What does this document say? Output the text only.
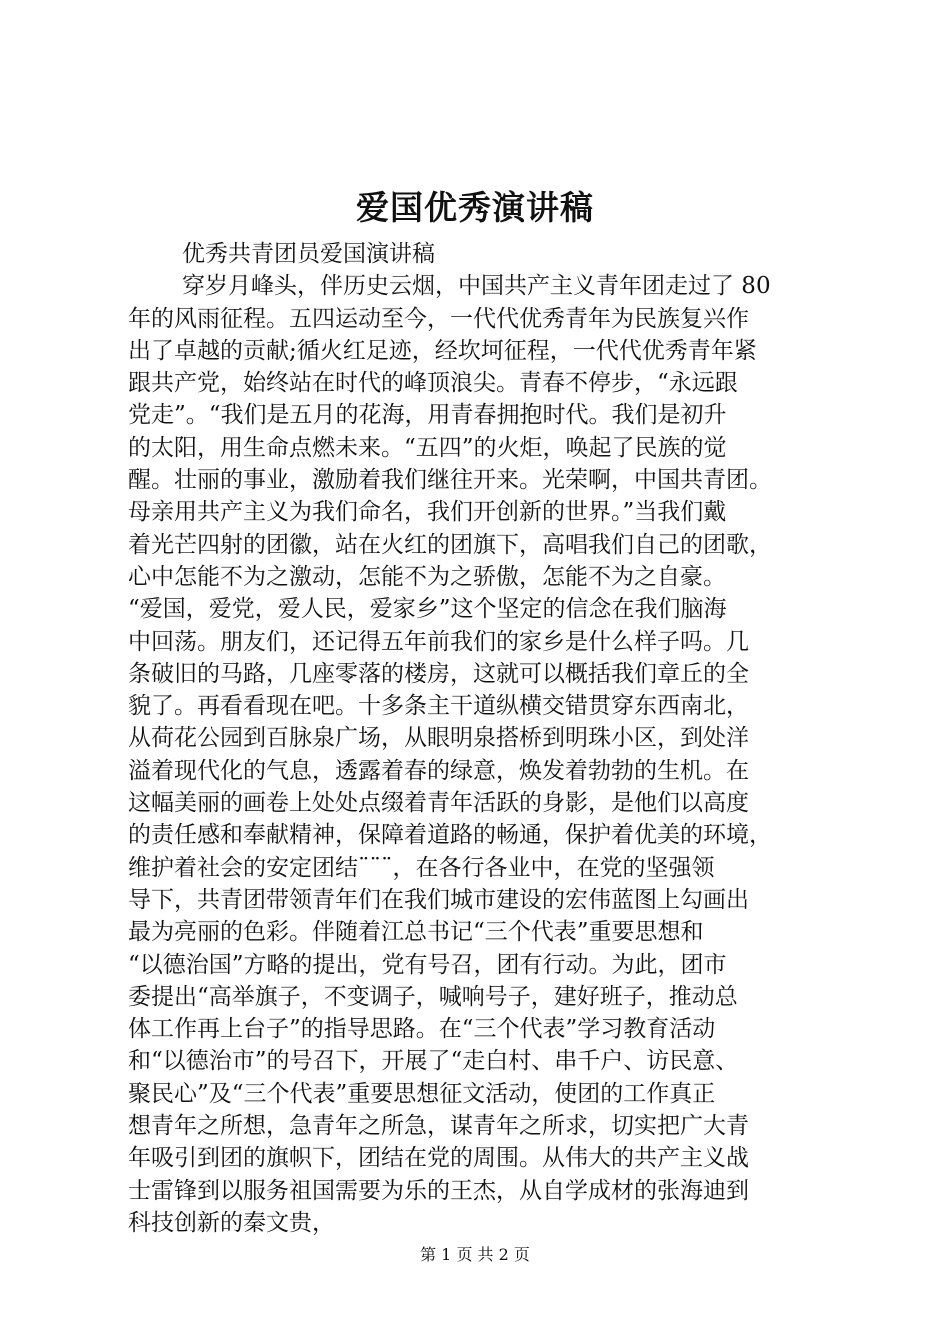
爱国优秀演讲稿
优秀共青团员爱国演讲稿
穿岁月峰头，伴历史云烟，中国共产主义青年团走过了 80
年的风雨征程。五四运动至今，一代代优秀青年为民族复兴作
出了卓越的贡献;循火红足迹，经坎坷征程，一代代优秀青年紧
跟共产党，始终站在时代的峰顶浪尖。青春不停步，“永远跟
党走”。“我们是五月的花海，用青春拥抱时代。我们是初升
的太阳，用生命点燃未来。“五四”的火炬，唤起了民族的觉
醒。壮丽的事业，激励着我们继往开来。光荣啊，中国共青团。
母亲用共产主义为我们命名，我们开创新的世界。”当我们戴
着光芒四射的团徽，站在火红的团旗下，高唱我们自己的团歌，
心中怎能不为之激动，怎能不为之骄傲，怎能不为之自豪。
“爱国，爱党，爱人民，爱家乡”这个坚定的信念在我们脑海
中回荡。朋友们，还记得五年前我们的家乡是什么样子吗。几
条破旧的马路，几座零落的楼房，这就可以概括我们章丘的全
貌了。再看看现在吧。十多条主干道纵横交错贯穿东西南北，
从荷花公园到百脉泉广场，从眼明泉搭桥到明珠小区，到处洋
溢着现代化的气息，透露着春的绿意，焕发着勃勃的生机。在
这幅美丽的画卷上处处点缀着青年活跃的身影，是他们以高度
的责任感和奉献精神，保障着道路的畅通，保护着优美的环境，
维护着社会的安定团结¨¨¨，在各行各业中，在党的坚强领
导下，共青团带领青年们在我们城市建设的宏伟蓝图上勾画出
最为亮丽的色彩。伴随着江总书记“三个代表”重要思想和
“以德治国”方略的提出，党有号召，团有行动。为此，团市
委提出“高举旗子，不变调子，喊响号子，建好班子，推动总
体工作再上台子”的指导思路。在“三个代表”学习教育活动
和“以德治市”的号召下，开展了“走白村、串千户、访民意、
聚民心”及“三个代表”重要思想征文活动，使团的工作真正
想青年之所想，急青年之所急，谋青年之所求，切实把广大青
年吸引到团的旗帜下，团结在党的周围。从伟大的共产主义战
士雷锋到以服务祖国需要为乐的王杰，从自学成材的张海迪到
科技创新的秦文贵，
第 1 页 共 2 页
